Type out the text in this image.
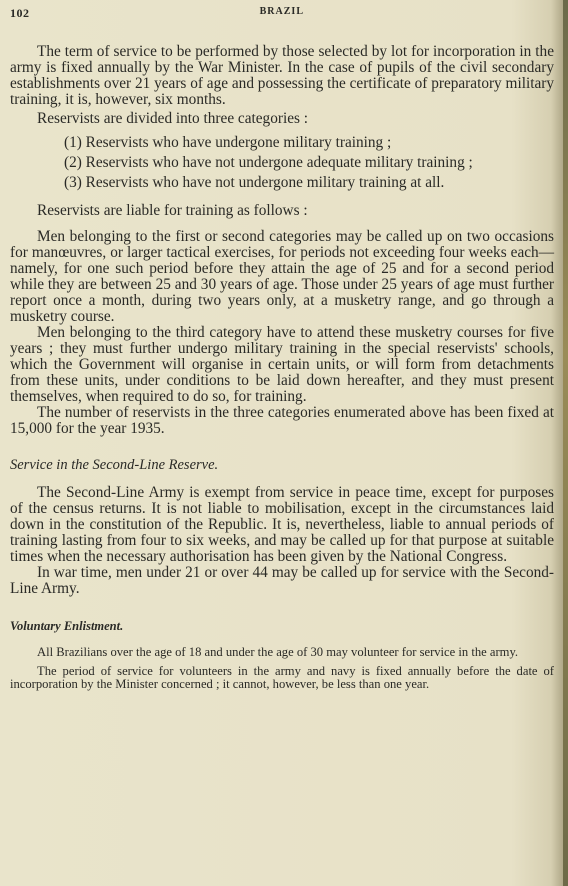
102	BRAZIL

The term of service to be performed by those selected by lot for incorporation in the army is fixed annually by the War Minister. In the case of pupils of the civil secondary establishments over 21 years of age and possessing the certificate of preparatory military training, it is, however, six months.

Reservists are divided into three categories :

(1) Reservists who have undergone military training ;

(2) Reservists who have not undergone adequate military training ;

(3) Reservists who have not undergone military training at all.

Reservists are liable for training as follows :

Men belonging to the first or second categories may be called up on two occasions for manœuvres, or larger tactical exercises, for periods not exceeding four weeks each—namely, for one such period before they attain the age of 25 and for a second period while they are between 25 and 30 years of age. Those under 25 years of age must further report once a month, during two years only, at a musketry range, and go through a musketry course.

Men belonging to the third category have to attend these musketry courses for five years ; they must further undergo military training in the special reservists' schools, which the Government will organise in certain units, or will form from detachments from these units, under conditions to be laid down hereafter, and they must present themselves, when required to do so, for training.

The number of reservists in the three categories enumerated above has been fixed at 15,000 for the year 1935.

Service in the Second-Line Reserve.

The Second-Line Army is exempt from service in peace time, except for purposes of the census returns. It is not liable to mobilisation, except in the circumstances laid down in the constitution of the Republic. It is, nevertheless, liable to annual periods of training lasting from four to six weeks, and may be called up for that purpose at suitable times when the necessary authorisation has been given by the National Congress.

In war time, men under 21 or over 44 may be called up for service with the Second-Line Army.

Voluntary Enlistment.

All Brazilians over the age of 18 and under the age of 30 may volunteer for service in the army.

The period of service for volunteers in the army and navy is fixed annually before the date of incorporation by the Minister concerned ; it cannot, however, be less than one year.
